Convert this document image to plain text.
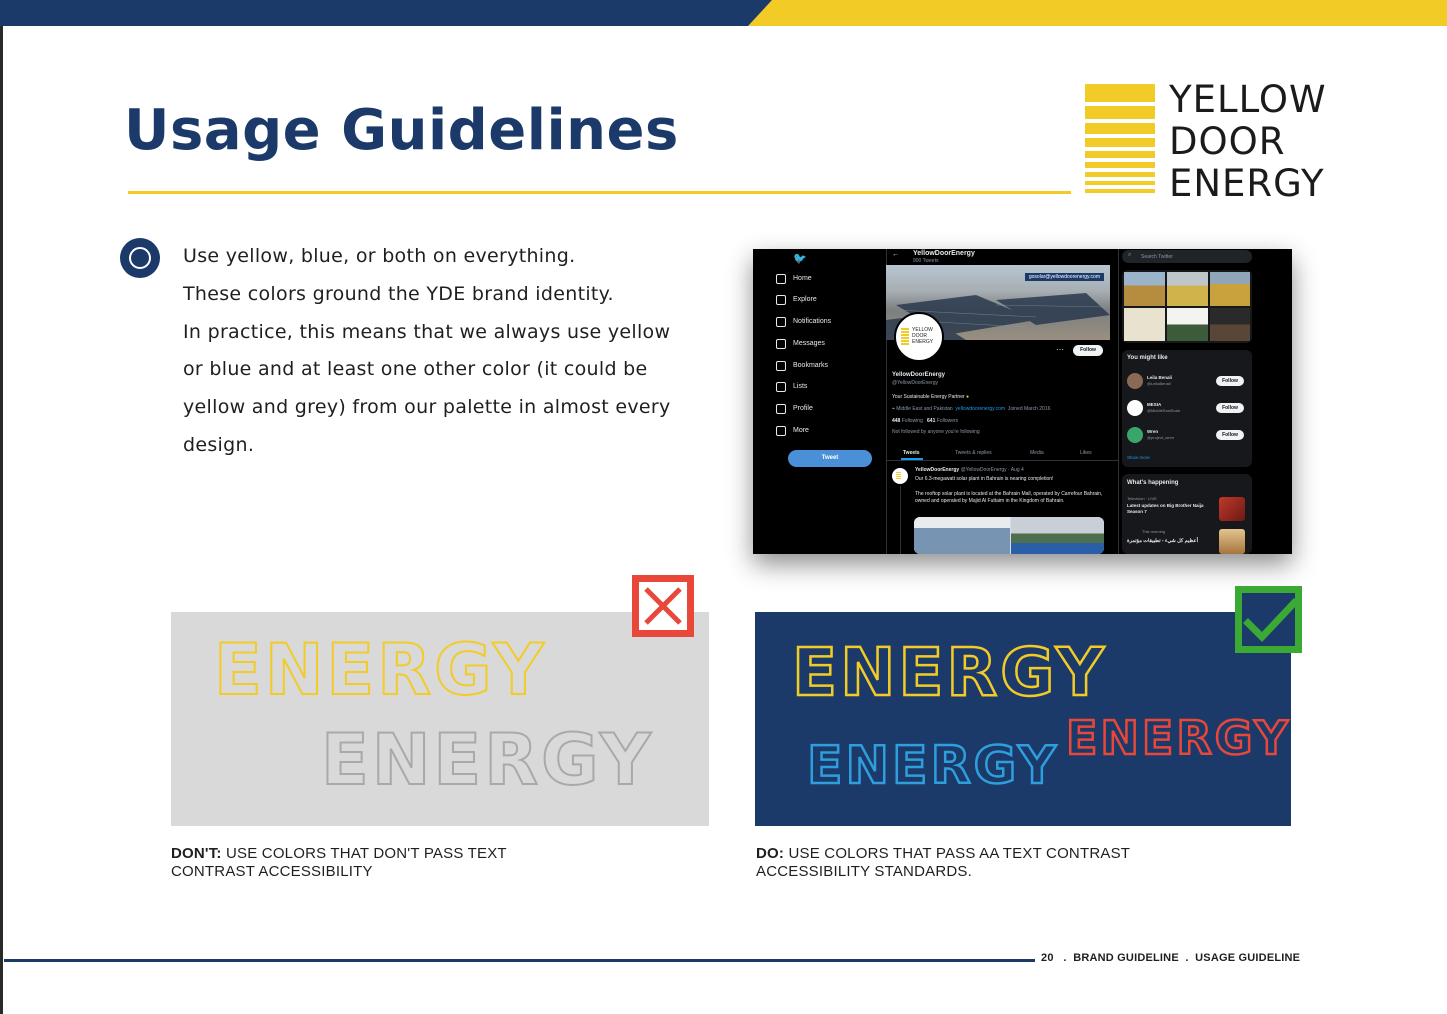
Usage Guidelines	YELLOW
DOOR
ENERGY
Use yellow, blue, or both on everything.
These colors ground the YDE brand identity.
In practice, this means that we always use yellow
or blue and at least one other color (it could be
yellow and grey) from our palette in almost every
design.
🐦
Home
Explore
Notifications
Messages
Bookmarks
Lists
Profile
More
Tweet
← YellowDoorEnergy
900 Tweets
gosolar@yellowdoorenergy.com
YELLOW
DOOR
ENERGY
⋯	Follow
YellowDoorEnergy
@YellowDoorEnergy
Your Sustainable Energy Partner ●
⌖ Middle East and Pakistan yellowdoorenergy.com Joined March 2016
448 Following 641 Followers
Not followed by anyone you're following
Tweets	Tweets & replies	Media	Likes
YellowDoorEnergy @YellowDoorEnergy · Aug 4
Our 6.3-megawatt solar plant in Bahrain is nearing completion!
The rooftop solar plant is located at the Bahrain Mall, operated by Carrefour Bahrain, owned and operated by Majid Al Futtaim in the Kingdom of Bahrain.
⌕ Search Twitter
You might like
Leila Benali
@LeilaBenali	Follow
MESIA
@MiddleEastSolar	Follow
Wren
@project_wren	Follow
Show more
What's happening
Television · LIVE
Latest updates on Big Brother Naija Season 7
This morning
أعظيم كل شيء - تطبيقات مؤتمرة
ENERGY
ENERGY
ENERGY
ENERGY
ENERGY
DON'T: USE COLORS THAT DON'T PASS TEXT CONTRAST ACCESSIBILITY
DO: USE COLORS THAT PASS AA TEXT CONTRAST ACCESSIBILITY STANDARDS.
20   .  BRAND GUIDELINE  .  USAGE GUIDELINE
